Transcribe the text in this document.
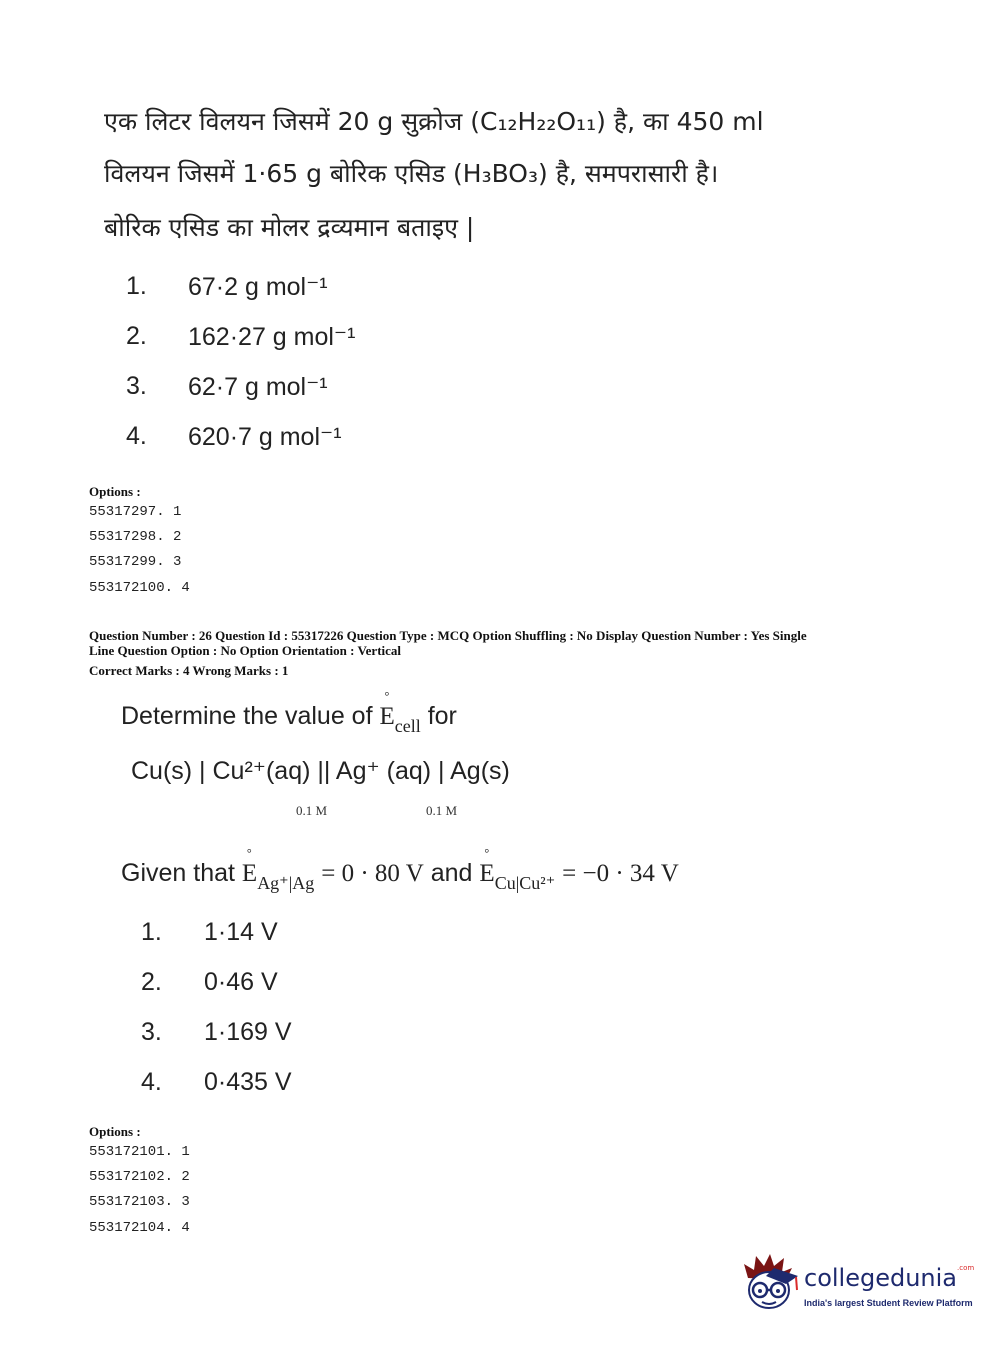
एक लिटर विलयन जिसमें 20 g सुक्रोज (C₁₂H₂₂O₁₁) है, का 450 ml
विलयन जिसमें 1·65 g बोरिक एसिड (H₃BO₃) है, समपरासारी है।
बोरिक एसिड का मोलर द्रव्यमान बताइए |
1. 67·2 g mol⁻¹
2. 162·27 g mol⁻¹
3. 62·7 g mol⁻¹
4. 620·7 g mol⁻¹
Options :
55317297. 1
55317298. 2
55317299. 3
553172100. 4
Question Number : 26 Question Id : 55317226 Question Type : MCQ Option Shuffling : No Display Question Number : Yes Single
Line Question Option : No Option Orientation : Vertical
Correct Marks : 4 Wrong Marks : 1
Determine the value of E
°
$_{cell}$ for
Cu(s) | Cu²⁺(aq) || Ag⁺ (aq) | Ag(s)
0.1 M	0.1 M
Given that E
°
$_{Ag^+|Ag}$ = 0 · 80 V and E
°
$_{Cu|Cu^{2+}}$ = −0 · 34 V
1. 1·14 V
2. 0·46 V
3. 1·169 V
4. 0·435 V
Options :
553172101. 1
553172102. 2
553172103. 3
553172104. 4
collegedunia$^{.com}$
India's largest Student Review Platform
